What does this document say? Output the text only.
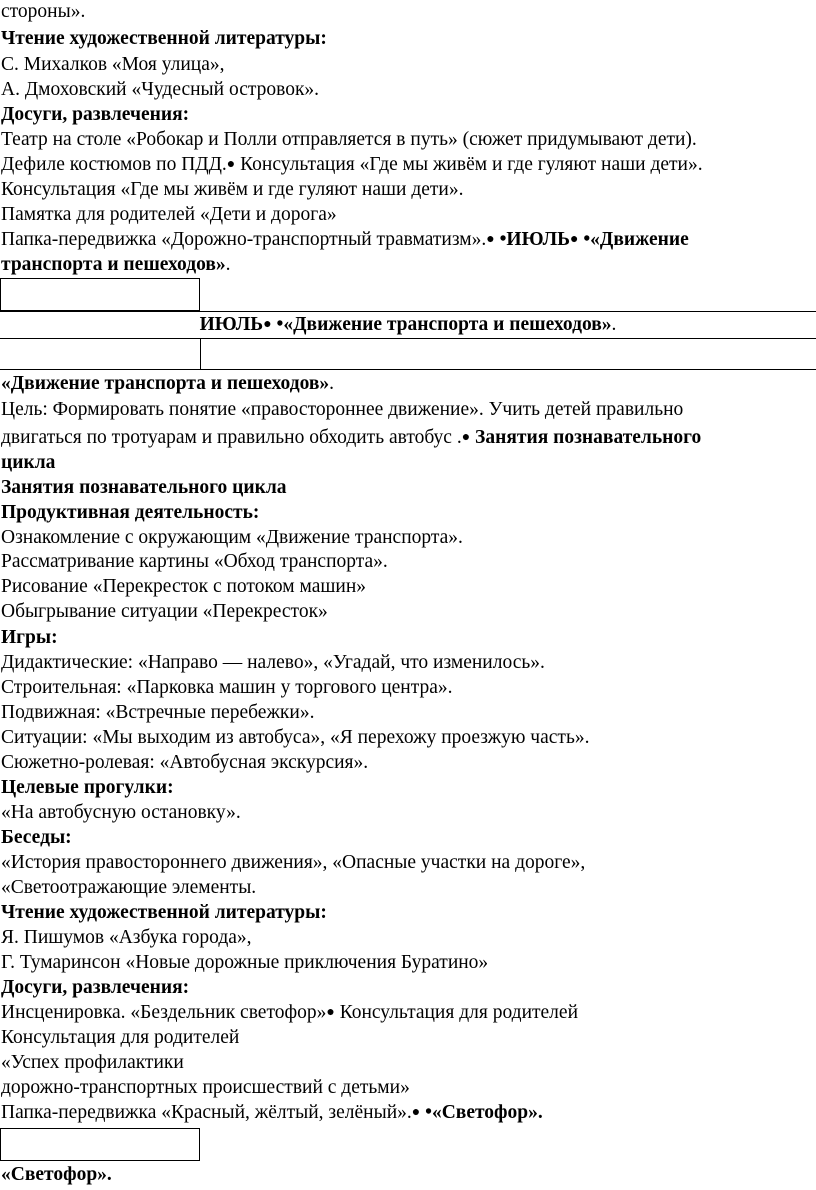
стороны».
Чтение художественной литературы:
С. Михалков «Моя улица»,
А. Дмоховский «Чудесный островок».
Досуги, развлечения:
Театр на столе «Робокар и Полли отправляется в путь» (сюжет придумывают дети).
Дефиле костюмов по ПДД.● Консультация «Где мы живём и где гуляют наши дети».
Консультация «Где мы живём и где гуляют наши дети».
Памятка для родителей «Дети и дорога»
Папка-передвижка «Дорожно-транспортный травматизм».● •ИЮЛЬ● •«Движение
транспорта и пешеходов».
ИЮЛЬ● •«Движение транспорта и пешеходов».
«Движение транспорта и пешеходов».
Цель: Формировать понятие «правостороннее движение». Учить детей правильно
двигаться по тротуарам и правильно обходить автобус .● Занятия познавательного
цикла
Занятия познавательного цикла
Продуктивная деятельность:
Ознакомление с окружающим «Движение транспорта».
Рассматривание картины «Обход транспорта».
Рисование «Перекресток с потоком машин»
Обыгрывание ситуации «Перекресток»
Игры:
Дидактические: «Направо — налево», «Угадай, что изменилось».
Строительная: «Парковка машин у торгового центра».
Подвижная: «Встречные перебежки».
Ситуации: «Мы выходим из автобуса», «Я перехожу проезжую часть».
Сюжетно-ролевая: «Автобусная экскурсия».
Целевые прогулки:
«На автобусную остановку».
Беседы:
«История правостороннего движения», «Опасные участки на дороге»,
«Светоотражающие элементы.
Чтение художественной литературы:
Я. Пишумов «Азбука города»,
Г. Тумаринсон «Новые дорожные приключения Буратино»
Досуги, развлечения:
Инсценировка. «Бездельник светофор»● Консультация для родителей
Консультация для родителей
«Успех профилактики
дорожно-транспортных происшествий с детьми»
Папка-передвижка «Красный, жёлтый, зелёный».● •«Светофор».
«Светофор».
